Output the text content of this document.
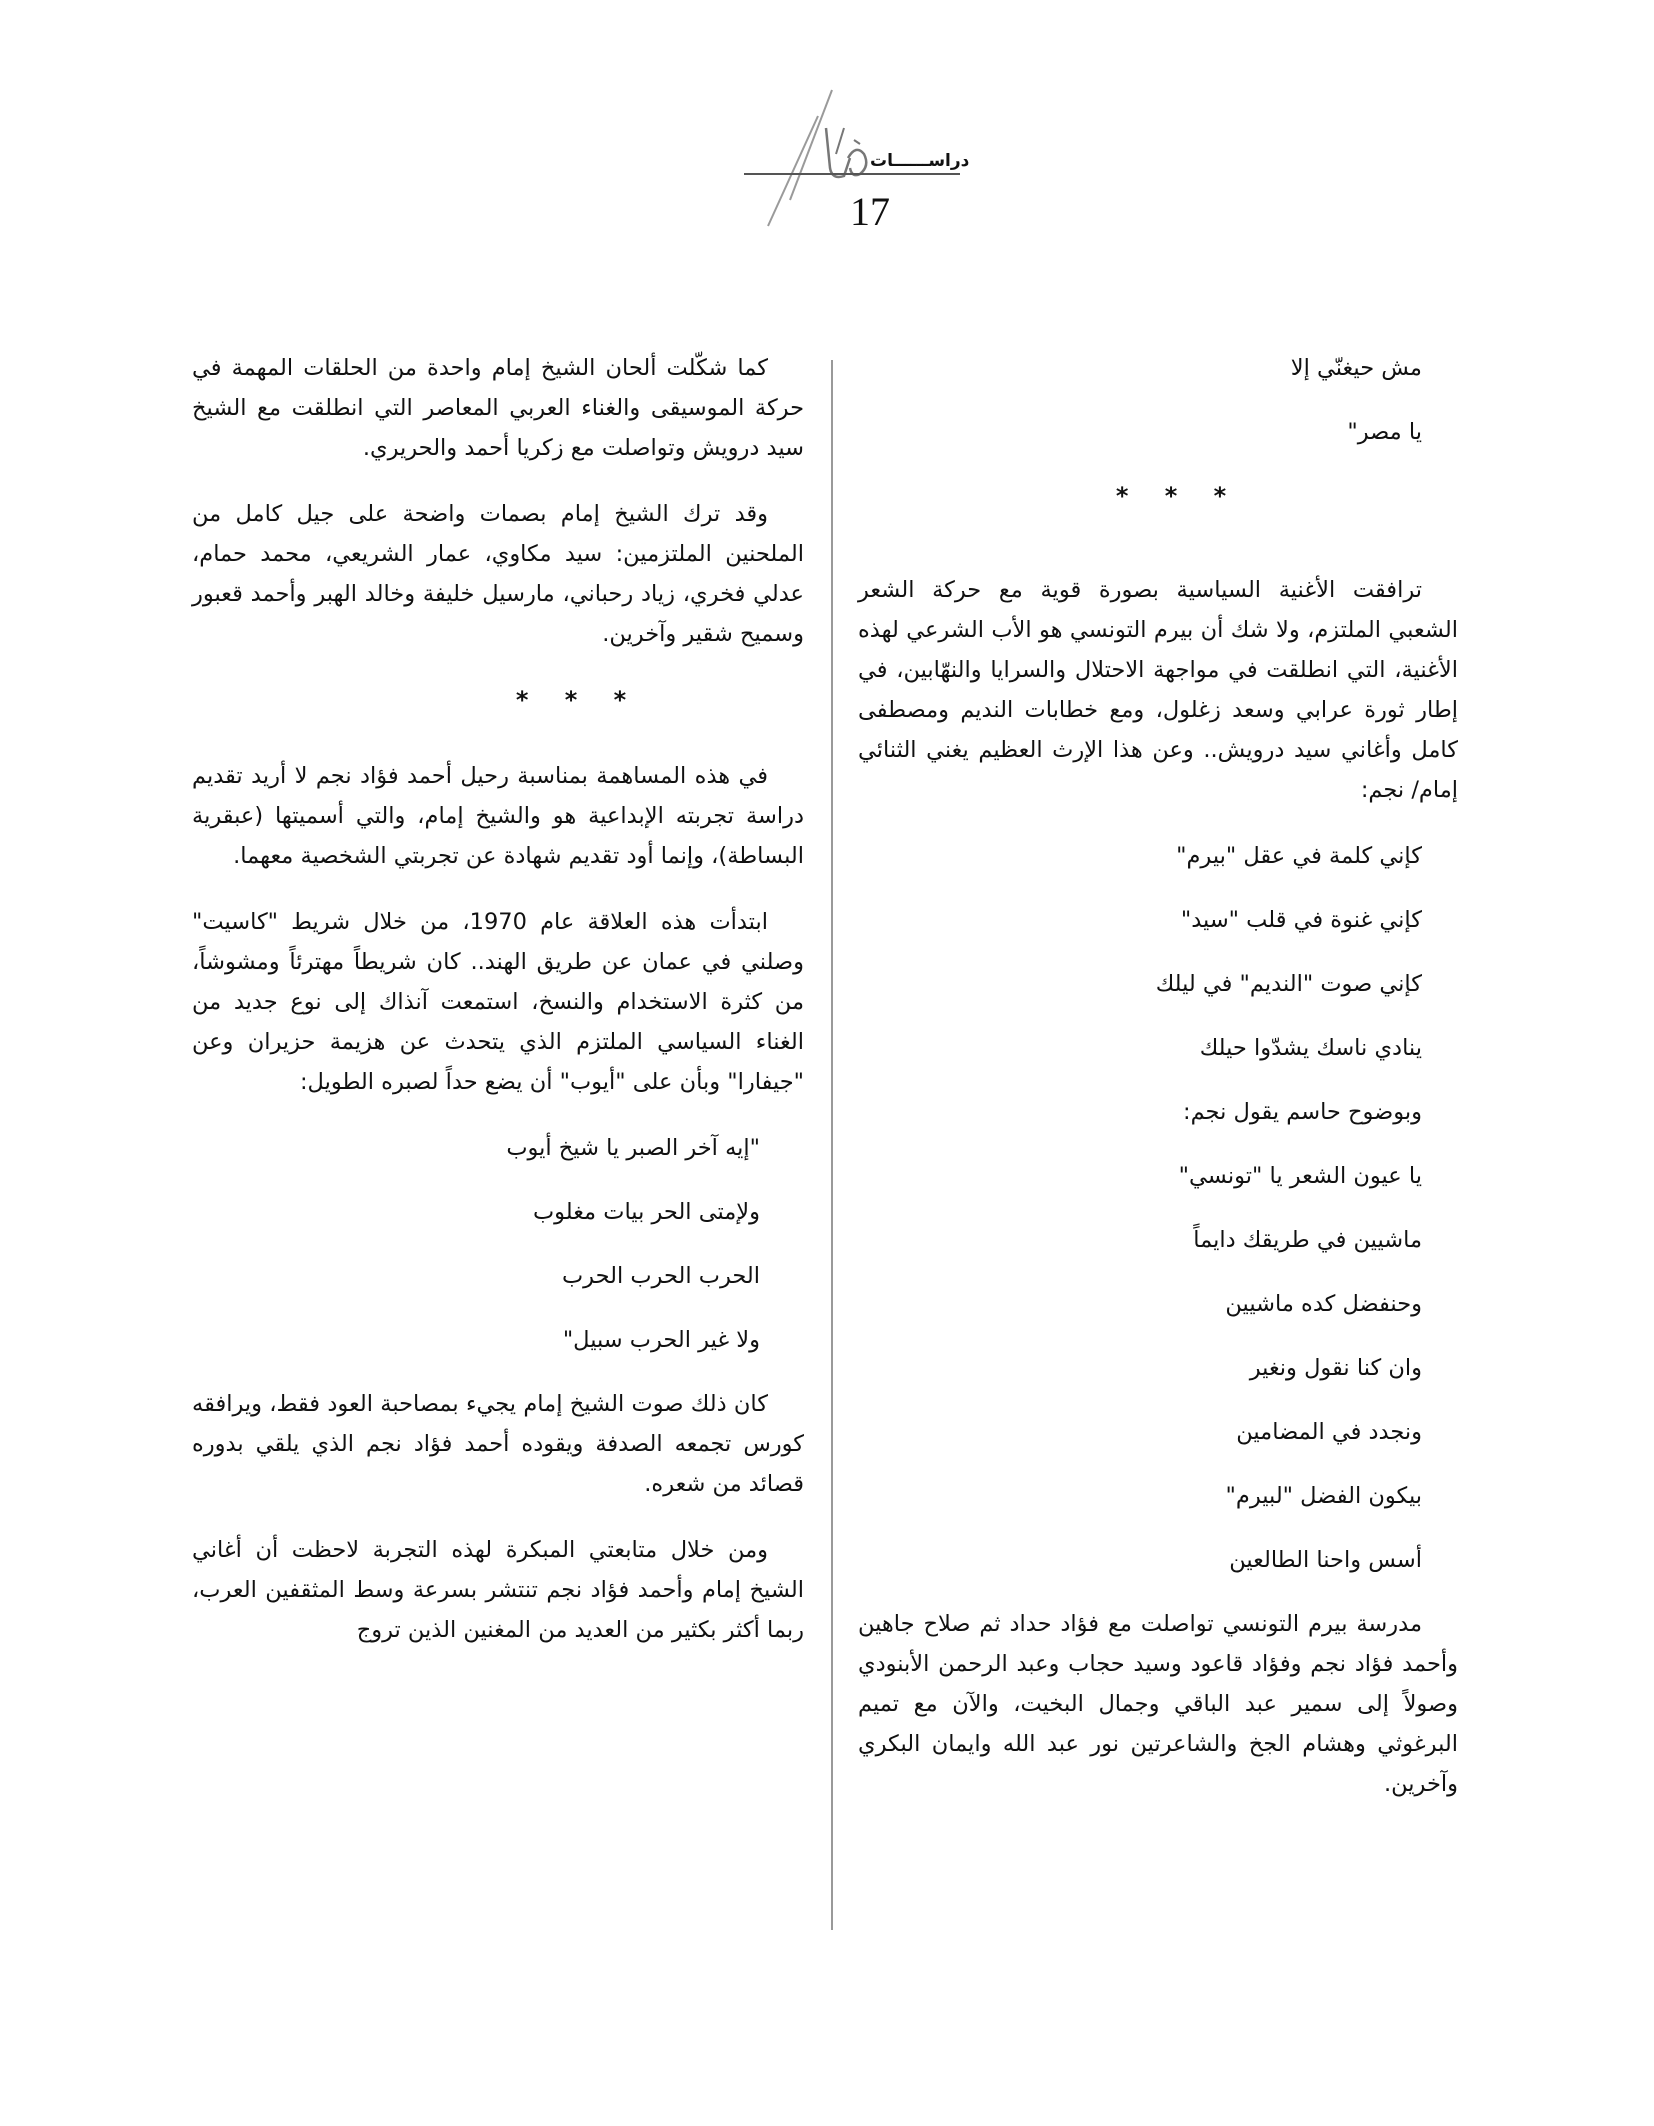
دراســــــات
17
مش حيغنّي إلا
يا مصر"
* * *

ترافقت الأغنية السياسية بصورة قوية مع حركة الشعر الشعبي الملتزم، ولا شك أن بيرم التونسي هو الأب الشرعي لهذه الأغنية، التي انطلقت في مواجهة الاحتلال والسرايا والنهّابين، في إطار ثورة عرابي وسعد زغلول، ومع خطابات النديم ومصطفى كامل وأغاني سيد درويش.. وعن هذا الإرث العظيم يغني الثنائي إمام/ نجم:

كإني كلمة في عقل "بيرم"
كإني غنوة في قلب "سيد"
كإني صوت "النديم" في ليلك
ينادي ناسك يشدّوا حيلك
وبوضوح حاسم يقول نجم:
يا عيون الشعر يا "تونسي"
ماشيين في طريقك دايماً
وحنفضل كده ماشيين
وان كنا نقول ونغير
ونجدد في المضامين
بيكون الفضل "لبيرم"
أسس واحنا الطالعين

مدرسة بيرم التونسي تواصلت مع فؤاد حداد ثم صلاح جاهين وأحمد فؤاد نجم وفؤاد قاعود وسيد حجاب وعبد الرحمن الأبنودي وصولاً إلى سمير عبد الباقي وجمال البخيت، والآن مع تميم البرغوثي وهشام الجخ والشاعرتين نور عبد الله وايمان البكري وآخرين.

كما شكّلت ألحان الشيخ إمام واحدة من الحلقات المهمة في حركة الموسيقى والغناء العربي المعاصر التي انطلقت مع الشيخ سيد درويش وتواصلت مع زكريا أحمد والحريري.

وقد ترك الشيخ إمام بصمات واضحة على جيل كامل من الملحنين الملتزمين: سيد مكاوي، عمار الشريعي، محمد حمام، عدلي فخري، زياد رحباني، مارسيل خليفة وخالد الهبر وأحمد قعبور وسميح شقير وآخرين.

* * *

في هذه المساهمة بمناسبة رحيل أحمد فؤاد نجم لا أريد تقديم دراسة تجربته الإبداعية هو والشيخ إمام، والتي أسميتها (عبقرية البساطة)، وإنما أود تقديم شهادة عن تجربتي الشخصية معهما.

ابتدأت هذه العلاقة عام 1970، من خلال شريط "كاسيت" وصلني في عمان عن طريق الهند.. كان شريطاً مهترئاً ومشوشاً، من كثرة الاستخدام والنسخ، استمعت آنذاك إلى نوع جديد من الغناء السياسي الملتزم الذي يتحدث عن هزيمة حزيران وعن "جيفارا" وبأن على "أيوب" أن يضع حداً لصبره الطويل:

"إيه آخر الصبر يا شيخ أيوب
ولإمتى الحر بيات مغلوب
الحرب الحرب الحرب
ولا غير الحرب سبيل"

كان ذلك صوت الشيخ إمام يجيء بمصاحبة العود فقط، ويرافقه كورس تجمعه الصدفة ويقوده أحمد فؤاد نجم الذي يلقي بدوره قصائد من شعره.

ومن خلال متابعتي المبكرة لهذه التجربة لاحظت أن أغاني الشيخ إمام وأحمد فؤاد نجم تنتشر بسرعة وسط المثقفين العرب، ربما أكثر بكثير من العديد من المغنين الذين تروج
